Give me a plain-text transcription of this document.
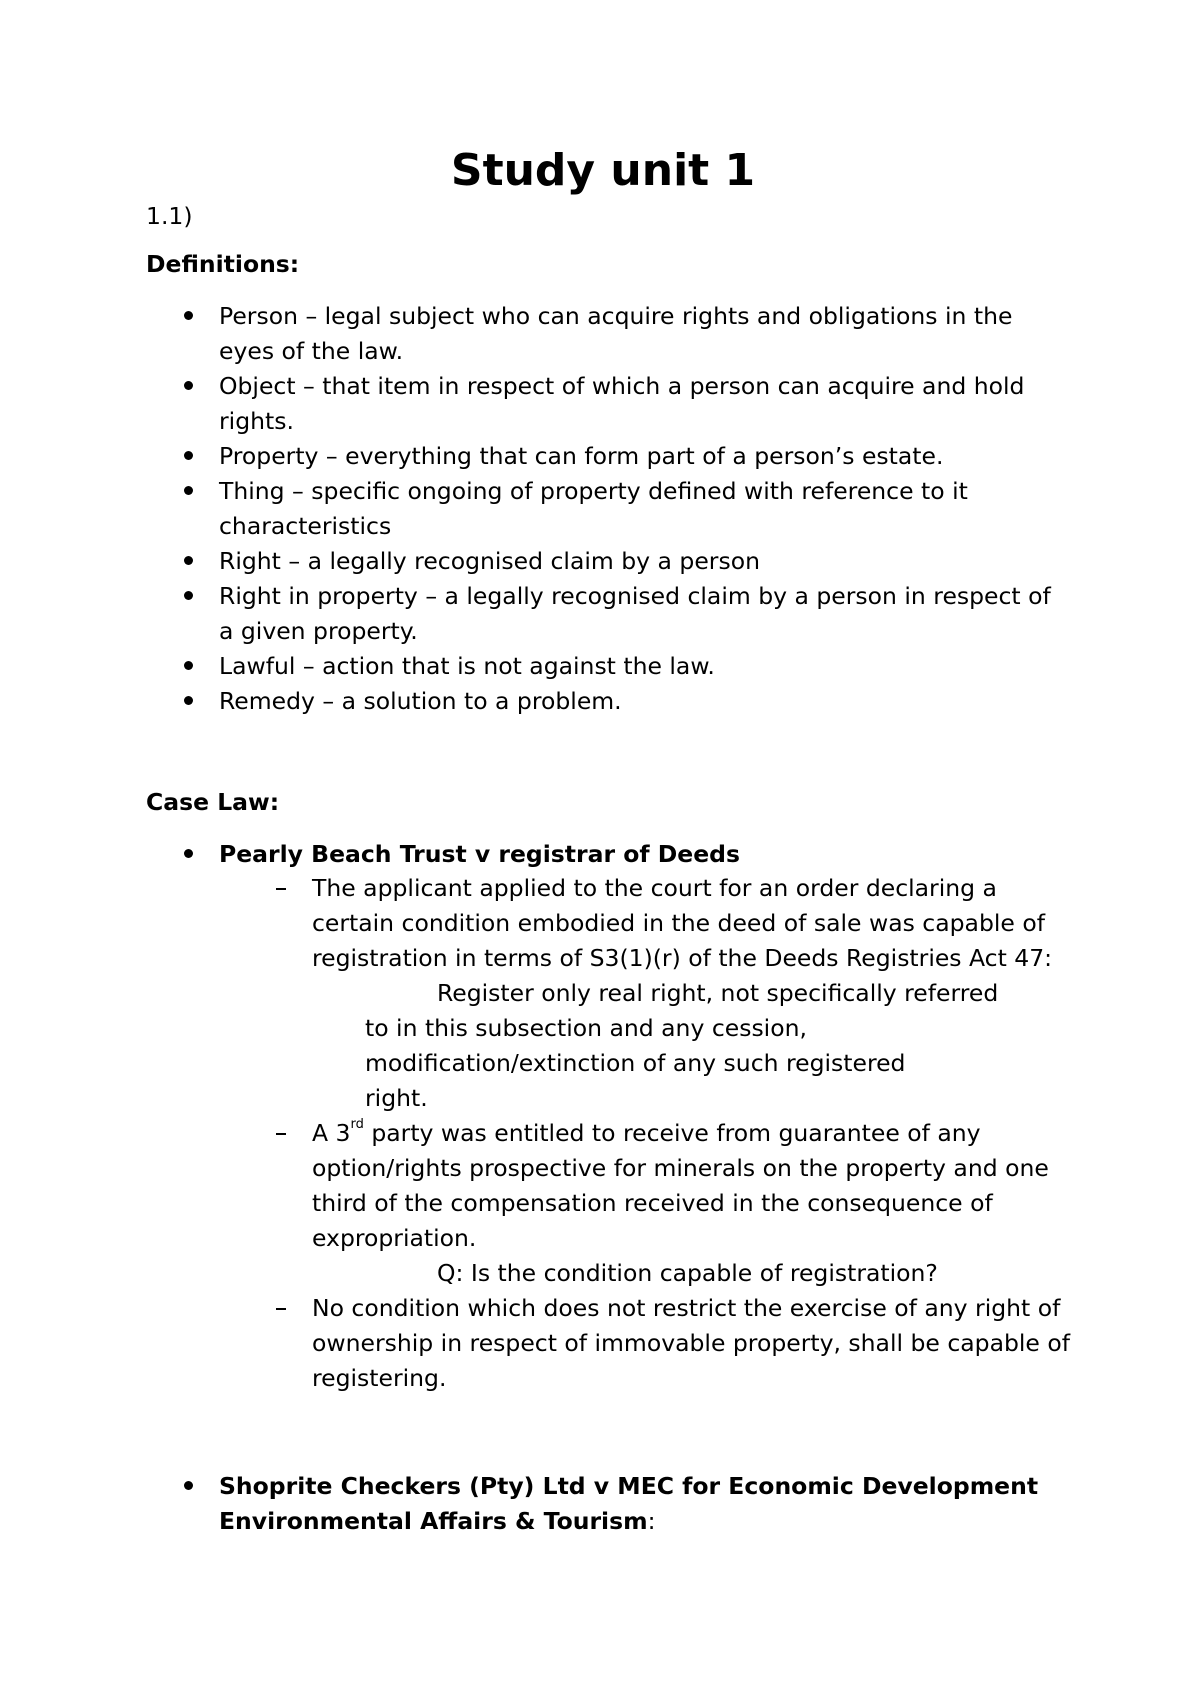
Study unit 1
1.1)
Definitions:
Person – legal subject who can acquire rights and obligations in the
eyes of the law.
Object – that item in respect of which a person can acquire and hold
rights.
Property – everything that can form part of a person’s estate.
Thing – specific ongoing of property defined with reference to it
characteristics
Right – a legally recognised claim by a person
Right in property – a legally recognised claim by a person in respect of
a given property.
Lawful – action that is not against the law.
Remedy – a solution to a problem.
Case Law:
Pearly Beach Trust v registrar of Deeds
The applicant applied to the court for an order declaring a
certain condition embodied in the deed of sale was capable of
registration in terms of S3(1)(r) of the Deeds Registries Act 47:
Register only real right, not specifically referred
to in this subsection and any cession,
modification/extinction of any such registered
right.
A 3rd party was entitled to receive from guarantee of any
option/rights prospective for minerals on the property and one
third of the compensation received in the consequence of
expropriation.
Q: Is the condition capable of registration?
No condition which does not restrict the exercise of any right of
ownership in respect of immovable property, shall be capable of
registering.
Shoprite Checkers (Pty) Ltd v MEC for Economic Development
Environmental Affairs & Tourism:
